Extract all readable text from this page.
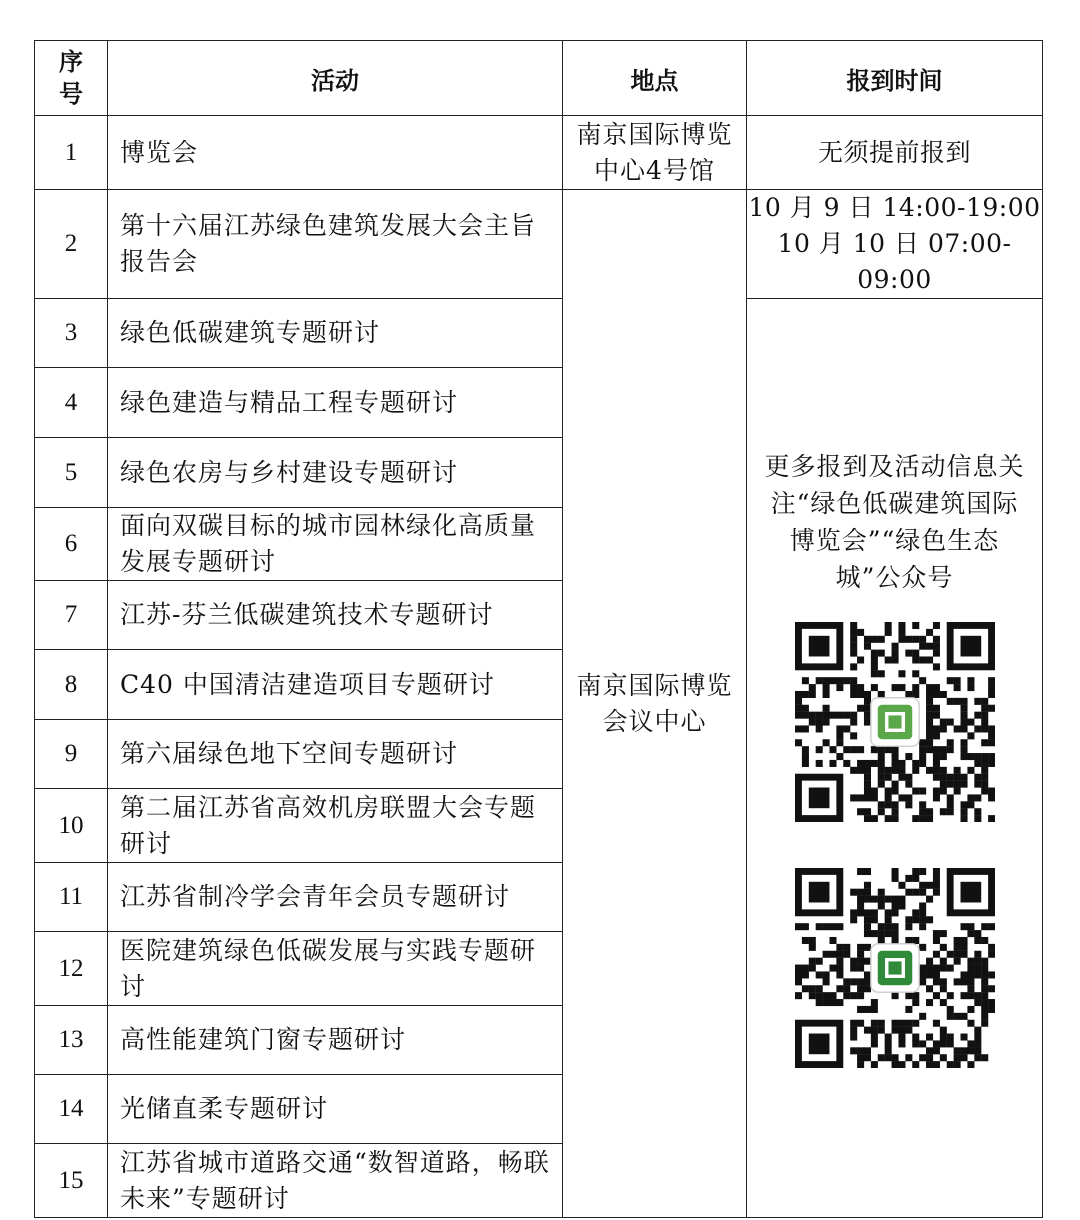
序号	活动	地点	报到时间
1	博览会	南京国际博览中心4号馆	无须提前报到
2	第十六届江苏绿色建筑发展大会主旨报告会	南京国际博览会议中心	10 月 9 日 14:00-19:00
10 月 10 日 07:00-09:00

3	绿色低碳建筑专题研讨		更多报到及活动信息关注“绿色低碳建筑国际博览会”“绿色生态城”公众号

4	绿色建造与精品工程专题研讨		
5	绿色农房与乡村建设专题研讨		
6	面向双碳目标的城市园林绿化高质量发展专题研讨		
7	江苏-芬兰低碳建筑技术专题研讨		
8	C40 中国清洁建造项目专题研讨		
9	第六届绿色地下空间专题研讨		
10	第二届江苏省高效机房联盟大会专题研讨		
11	江苏省制冷学会青年会员专题研讨		
12	医院建筑绿色低碳发展与实践专题研讨		
13	高性能建筑门窗专题研讨		
14	光储直柔专题研讨		
15	江苏省城市道路交通“数智道路，畅联未来”专题研讨		
